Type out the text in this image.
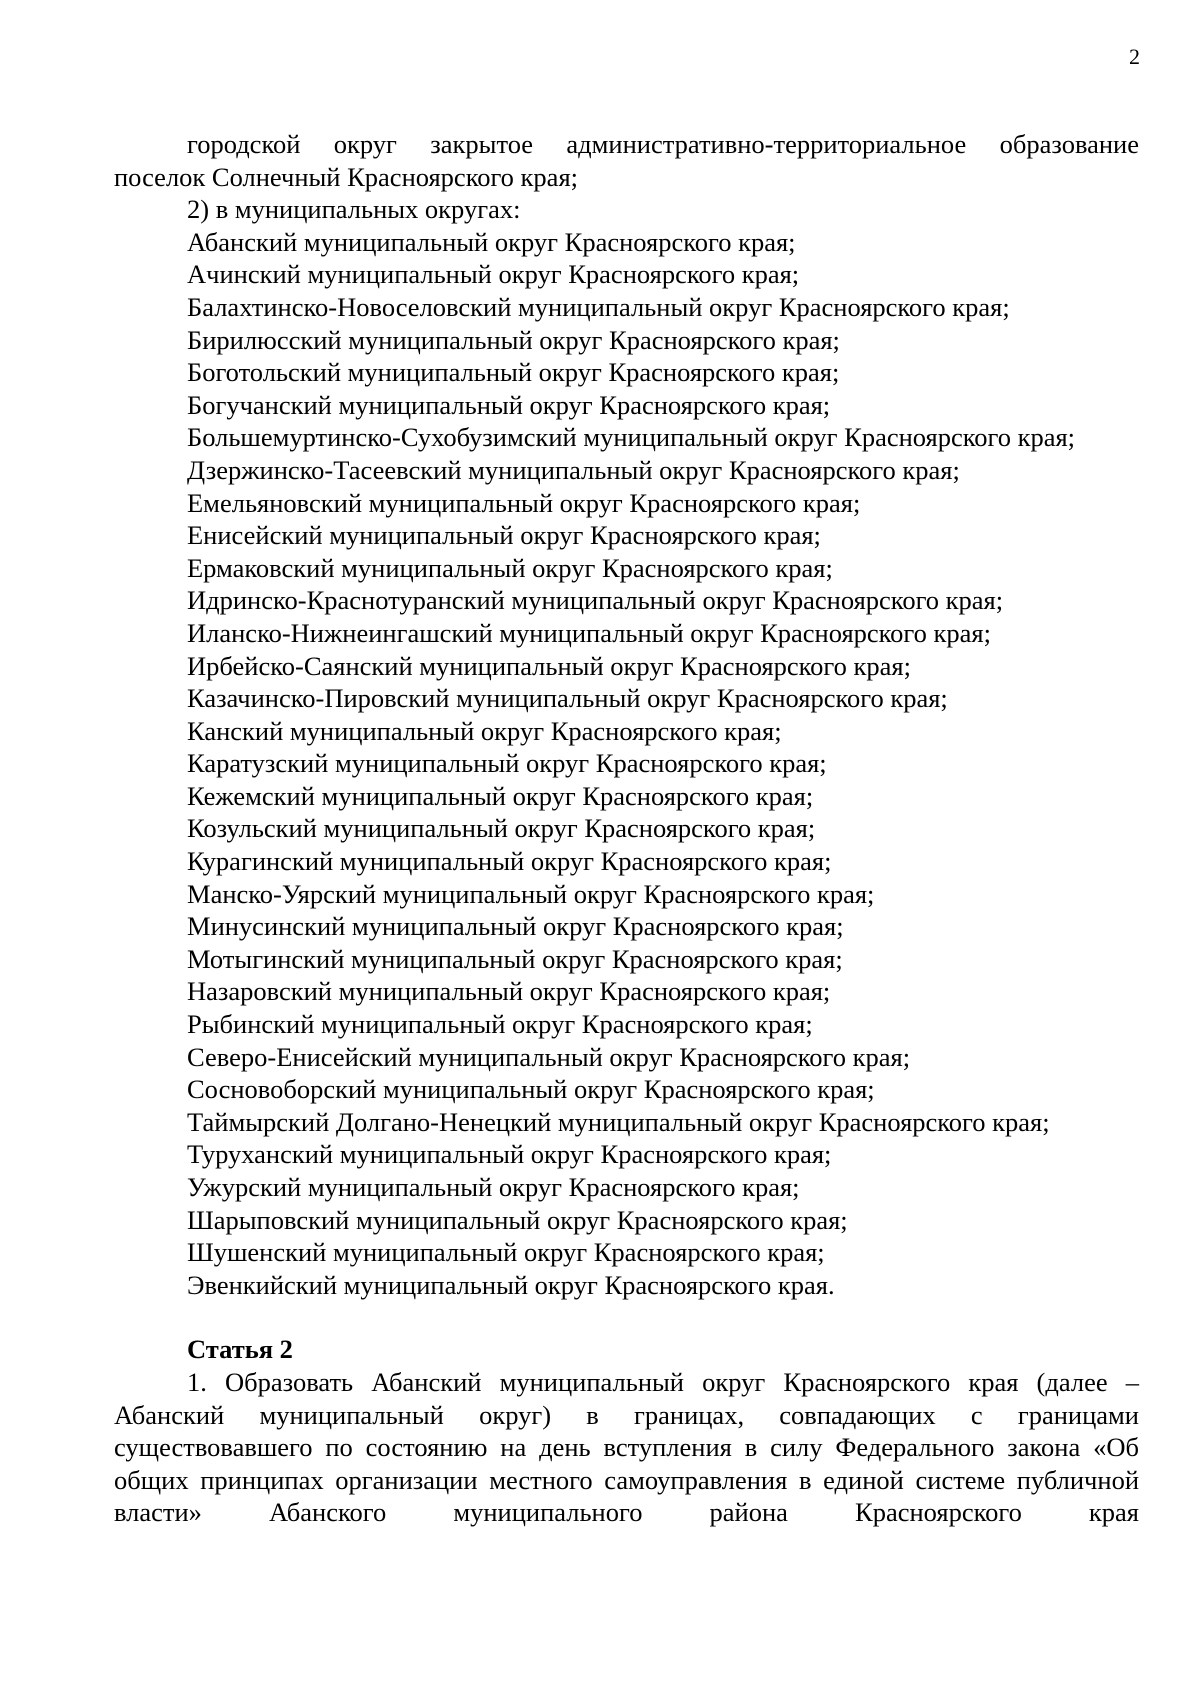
2
городской округ закрытое административно-территориальное образование
поселок Солнечный Красноярского края;
2) в муниципальных округах:
Абанский муниципальный округ Красноярского края;
Ачинский муниципальный округ Красноярского края;
Балахтинско-Новоселовский муниципальный округ Красноярского края;
Бирилюсский муниципальный округ Красноярского края;
Боготольский муниципальный округ Красноярского края;
Богучанский муниципальный округ Красноярского края;
Большемуртинско-Сухобузимский муниципальный округ Красноярского края;
Дзержинско-Тасеевский муниципальный округ Красноярского края;
Емельяновский муниципальный округ Красноярского края;
Енисейский муниципальный округ Красноярского края;
Ермаковский муниципальный округ Красноярского края;
Идринско-Краснотуранский муниципальный округ Красноярского края;
Иланско-Нижнеингашский муниципальный округ Красноярского края;
Ирбейско-Саянский муниципальный округ Красноярского края;
Казачинско-Пировский муниципальный округ Красноярского края;
Канский муниципальный округ Красноярского края;
Каратузский муниципальный округ Красноярского края;
Кежемский муниципальный округ Красноярского края;
Козульский муниципальный округ Красноярского края;
Курагинский муниципальный округ Красноярского края;
Манско-Уярский муниципальный округ Красноярского края;
Минусинский муниципальный округ Красноярского края;
Мотыгинский муниципальный округ Красноярского края;
Назаровский муниципальный округ Красноярского края;
Рыбинский муниципальный округ Красноярского края;
Северо-Енисейский муниципальный округ Красноярского края;
Сосновоборский муниципальный округ Красноярского края;
Таймырский Долгано-Ненецкий муниципальный округ Красноярского края;
Туруханский муниципальный округ Красноярского края;
Ужурский муниципальный округ Красноярского края;
Шарыповский муниципальный округ Красноярского края;
Шушенский муниципальный округ Красноярского края;
Эвенкийский муниципальный округ Красноярского края.
Статья 2
1. Образовать Абанский муниципальный округ Красноярского края (далее – Абанский муниципальный округ) в границах, совпадающих с границами существовавшего по состоянию на день вступления в силу Федерального закона «Об общих принципах организации местного самоуправления в единой системе публичной власти» Абанского муниципального района Красноярского края
